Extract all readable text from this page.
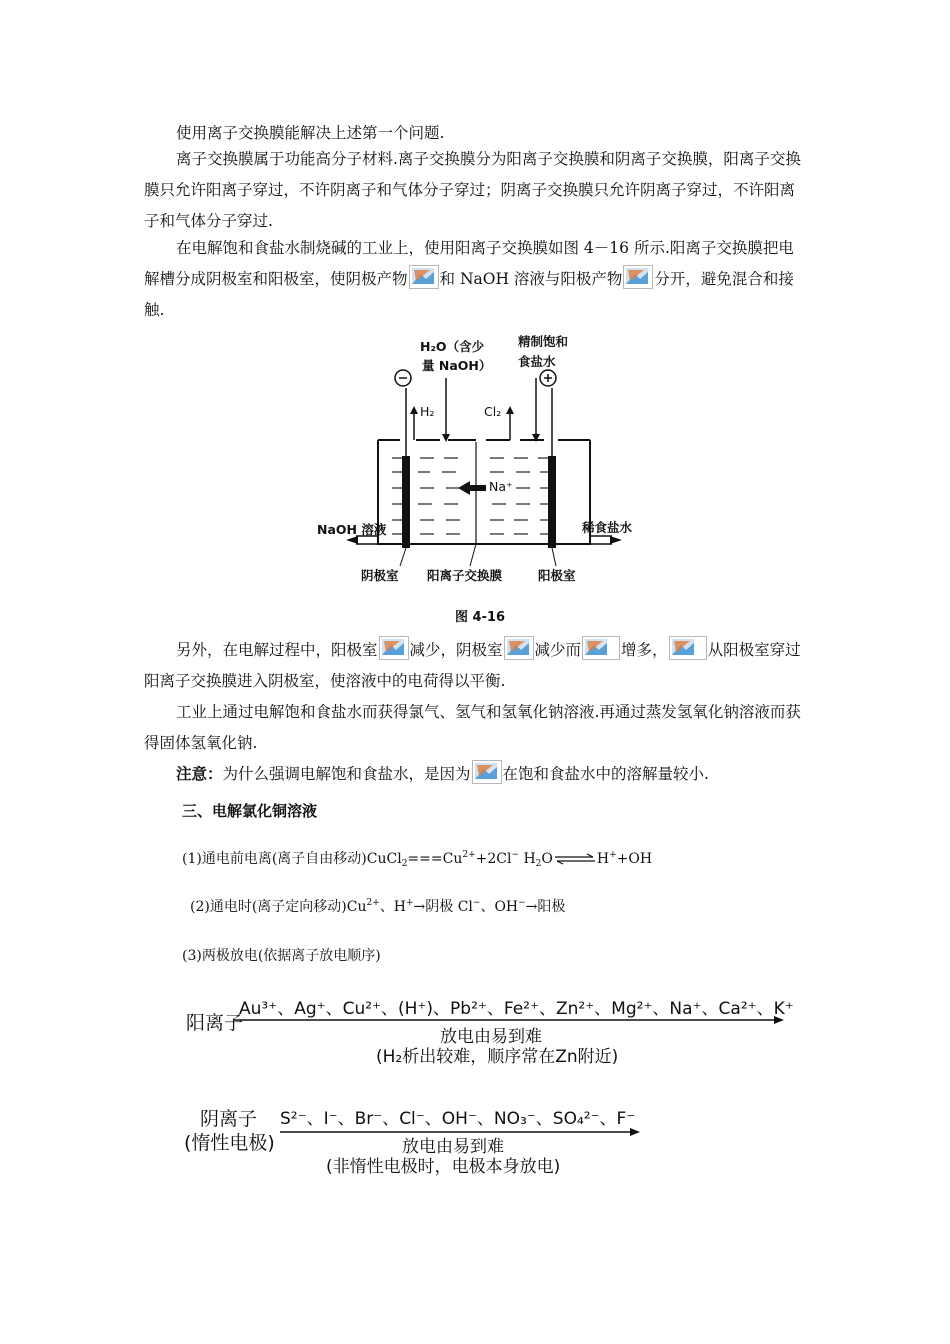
使用离子交换膜能解决上述第一个问题.

离子交换膜属于功能高分子材料.离子交换膜分为阳离子交换膜和阴离子交换膜，阳离子交换膜只允许阳离子穿过，不许阴离子和气体分子穿过；阴离子交换膜只允许阴离子穿过，不许阳离子和气体分子穿过.

在电解饱和食盐水制烧碱的工业上，使用阳离子交换膜如图 4－16 所示.阳离子交换膜把电解槽分成阴极室和阳极室，使阴极产物 和 NaOH 溶液与阳极产物 分开，避免混合和接触.

H₂O（含少
量 NaOH）
精制饱和
食盐水
H₂	Cl₂
Na⁺
NaOH 溶液	稀食盐水
阴极室 阳离子交换膜	阳极室
图 4-16

另外，在电解过程中，阳极室 减少，阴极室 减少而	增多，	从阳极室穿过阳离子交换膜进入阴极室，使溶液中的电荷得以平衡.

工业上通过电解饱和食盐水而获得氯气、氢气和氢氧化钠溶液.再通过蒸发氢氧化钠溶液而获得固体氢氧化钠.

注意：为什么强调电解饱和食盐水，是因为 在饱和食盐水中的溶解量较小.

三、电解氯化铜溶液
(1)通电前电离(离子自由移动)$CuCl_2===Cu^{2+}+2Cl^-$ $H_2O\rightleftharpoons H^++OH$
(2)通电时(离子定向移动)$Cu^{2+}$、H+→阴极 Cl−、OH−→阳极
(3)两极放电(依据离子放电顺序)
阳离子
Au³⁺、Ag⁺、Cu²⁺、(H⁺)、Pb²⁺、Fe²⁺、Zn²⁺、Mg²⁺、Na⁺、Ca²⁺、K⁺
放电由易到难
(H₂析出较难，顺序常在Zn附近)
阴离子
(惰性电极)
S²⁻、I⁻、Br⁻、Cl⁻、OH⁻、NO₃⁻、SO₄²⁻、F⁻
放电由易到难
(非惰性电极时，电极本身放电)
